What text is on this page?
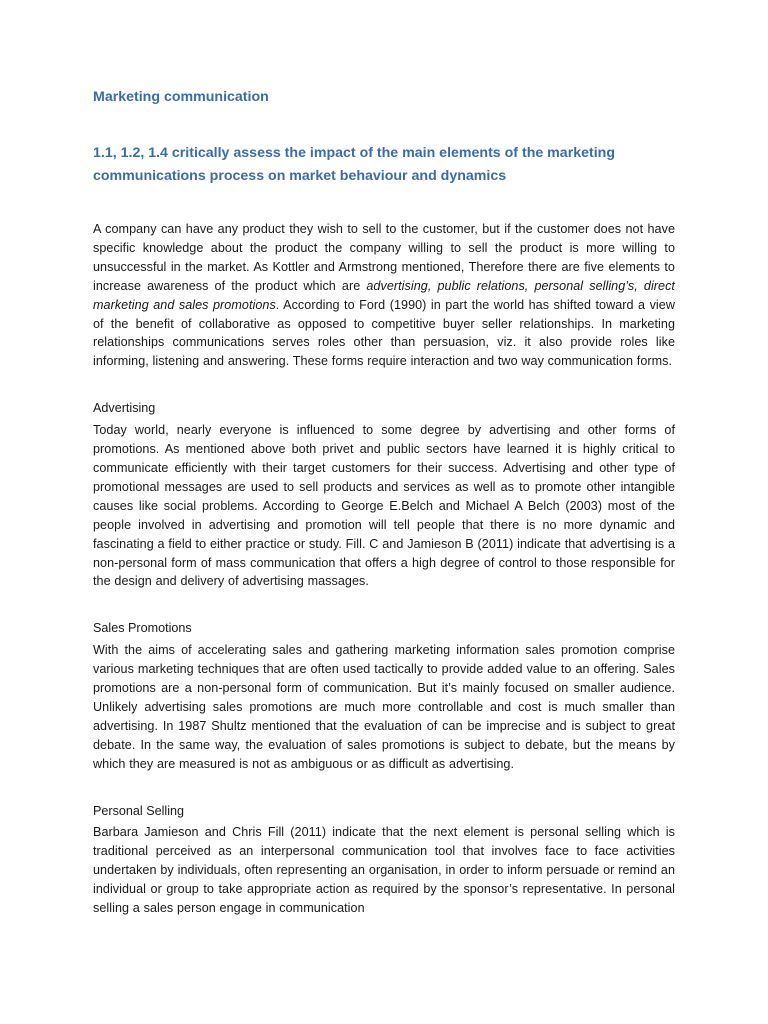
Marketing communication
1.1, 1.2, 1.4 critically assess the impact of the main elements of the marketing communications process on market behaviour and dynamics

A company can have any product they wish to sell to the customer, but if the customer does not have specific knowledge about the product the company willing to sell the product is more willing to unsuccessful in the market. As Kottler and Armstrong mentioned, Therefore there are five elements to increase awareness of the product which are advertising, public relations, personal selling’s, direct marketing and sales promotions. According to Ford (1990) in part the world has shifted toward a view of the benefit of collaborative as opposed to competitive buyer seller relationships. In marketing relationships communications serves roles other than persuasion, viz. it also provide roles like informing, listening and answering. These forms require interaction and two way communication forms.

Advertising

Today world, nearly everyone is influenced to some degree by advertising and other forms of promotions. As mentioned above both privet and public sectors have learned it is highly critical to communicate efficiently with their target customers for their success. Advertising and other type of promotional messages are used to sell products and services as well as to promote other intangible causes like social problems. According to George E.Belch and Michael A Belch (2003) most of the people involved in advertising and promotion will tell people that there is no more dynamic and fascinating a field to either practice or study. Fill. C and Jamieson B (2011) indicate that advertising is a non-personal form of mass communication that offers a high degree of control to those responsible for the design and delivery of advertising massages.

Sales Promotions

With the aims of accelerating sales and gathering marketing information sales promotion comprise various marketing techniques that are often used tactically to provide added value to an offering. Sales promotions are a non-personal form of communication. But it’s mainly focused on smaller audience. Unlikely advertising sales promotions are much more controllable and cost is much smaller than advertising. In 1987 Shultz mentioned that the evaluation of can be imprecise and is subject to great debate. In the same way, the evaluation of sales promotions is subject to debate, but the means by which they are measured is not as ambiguous or as difficult as advertising.

Personal Selling

Barbara Jamieson and Chris Fill (2011) indicate that the next element is personal selling which is traditional perceived as an interpersonal communication tool that involves face to face activities undertaken by individuals, often representing an organisation, in order to inform persuade or remind an individual or group to take appropriate action as required by the sponsor’s representative. In personal selling a sales person engage in communication
